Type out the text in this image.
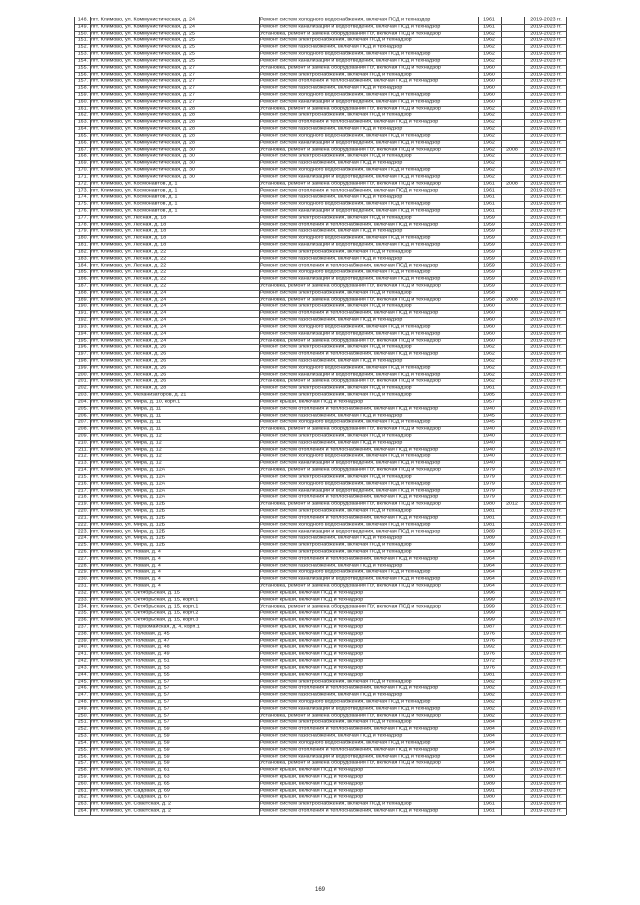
148. пгт. Климово, ул. Коммунистическая, д. 24	Ремонт систем холодного водоснабжения, включая ПСД и техназдор	1961	2019-2023 гг.
149. пгт. Климово, ул. Коммунистическая, д. 24	Ремонт систем канализации и водоотведения, включая ПСД и технадзор	1961	2019-2023 гг.
150. пгт. Климово, ул. Коммунистическая, д. 25	Установка, ремонт и замена оборудования ПУ, включая ПСД и технадзор	1962	2019-2023 гг.
151. пгт. Климово, ул. Коммунистическая, д. 25	Ремонт систем электроснабжения, включая ПСД и технадзор	1962	2019-2023 гг.
152. пгт. Климово, ул. Коммунистическая, д. 25	Ремонт систем газоснабжения, включая ПСД и технадзор	1962	2019-2023 гг.
153. пгт. Климово, ул. Коммунистическая, д. 25	Ремонт систем холодного водоснабжения, включая ПСД и технадзор	1962	2019-2023 гг.
154. пгт. Климово, ул. Коммунистическая, д. 25	Ремонт систем канализации и водоотведения, включая ПСД и технадзор	1962	2019-2023 гг.
155. пгт. Климово, ул. Коммунистическая, д. 27	Установка, ремонт и замена оборудования ПУ, включая ПСД и технадзор	1960	2019-2023 гг.
156. пгт. Климово, ул. Коммунистическая, д. 27	Ремонт систем электроснабжения, включая ПСД и технадзор	1960	2019-2023 гг.
157. пгт. Климово, ул. Коммунистическая, д. 27	Ремонт систем отопления и теплоснабжения, включая ПСД и технадзор	1960	2019-2023 гг.
158. пгт. Климово, ул. Коммунистическая, д. 27	Ремонт систем газоснабжения, включая ПСД и технадзор	1960	2019-2023 гг.
159. пгт. Климово, ул. Коммунистическая, д. 27	Ремонт систем холодного водоснабжения, включая ПСД и технадзор	1960	2019-2023 гг.
160. пгт. Климово, ул. Коммунистическая, д. 27	Ремонт систем канализации и водоотведения, включая ПСД и технадзор	1960	2019-2023 гг.
161. пгт. Климово, ул. Коммунистическая, д. 28	Установка, ремонт и замена оборудования ПУ, включая ПСД и технадзор	1962	2019-2023 гг.
162. пгт. Климово, ул. Коммунистическая, д. 28	Ремонт систем электроснабжения, включая ПСД и технадзор	1962	2019-2023 гг.
163. пгт. Климово, ул. Коммунистическая, д. 28	Ремонт систем отопления и теплоснабжения, включая ПСД и технадзор	1962	2019-2023 гг.
164. пгт. Климово, ул. Коммунистическая, д. 28	Ремонт систем газоснабжения, включая ПСД и технадзор	1962	2019-2023 гг.
165. пгт. Климово, ул. Коммунистическая, д. 28	Ремонт систем холодного водоснабжения, включая ПСД и технадзор	1962	2019-2023 гг.
166. пгт. Климово, ул. Коммунистическая, д. 28	Ремонт систем канализации и водоотведения, включая ПСД и технадзор	1962	2019-2023 гг.
167. пгт. Климово, ул. Коммунистическая, д. 30	Установка, ремонт и замена оборудования ПУ, включая ПСД и технадзор	1962	2008	2019-2023 гг.
168. пгт. Климово, ул. Коммунистическая, д. 30	Ремонт систем электроснабжения, включая ПСД и технадзор	1962	2019-2023 гг.
169. пгт. Климово, ул. Коммунистическая, д. 30	Ремонт систем газоснабжения, включая ПСД и технадзор	1962	2019-2023 гг.
170. пгт. Климово, ул. Коммунистическая, д. 30	Ремонт систем холодного водоснабжения, включая ПСД и технадзор	1962	2019-2023 гг.
171. пгт. Климово, ул. Коммунистическая, д. 30	Ремонт систем канализации и водоотведения, включая ПСД и технадзор	1962	2019-2023 гг.
172. пгт. Климово, ул. Космонавтов, д. 1	Установка, ремонт и замена оборудования ПУ, включая ПСД и технадзор	1961	2008	2019-2023 гг.
173. пгт. Климово, ул. Космонавтов, д. 1	Ремонт систем отопления и теплоснабжения, включая ПСД и технадзор	1961	2019-2023 гг.
174. пгт. Климово, ул. Космонавтов, д. 1	Ремонт систем газоснабжения, включая ПСД и технадзор	1961	2019-2023 гг.
175. пгт. Климово, ул. Космонавтов, д. 1	Ремонт систем холодного водоснабжения, включая ПСД и технадзор	1961	2019-2023 гг.
176. пгт. Климово, ул. Космонавтов, д. 1	Ремонт систем канализации и водоотведения, включая ПСД и технадзор	1961	2019-2023 гг.
177. пгт. Климово, ул. Лесная, д. 18	Ремонт систем электроснабжения, включая ПСД и технадзор	1959	2019-2023 гг.
178. пгт. Климово, ул. Лесная, д. 18	Ремонт систем отопления и теплоснабжения, включая ПСД и технадзор	1959	2019-2023 гг.
179. пгт. Климово, ул. Лесная, д. 18	Ремонт систем газоснабжения, включая ПСД и технадзор	1959	2019-2023 гг.
180. пгт. Климово, ул. Лесная, д. 18	Ремонт систем холодного водоснабжения, включая ПСД и технадзор	1959	2019-2023 гг.
181. пгт. Климово, ул. Лесная, д. 18	Ремонт систем канализации и водоотведения, включая ПСД и технадзор	1959	2019-2023 гг.
182. пгт. Климово, ул. Лесная, д. 22	Ремонт систем электроснабжения, включая ПСД и технадзор	1959	2019-2023 гг.
183. пгт. Климово, ул. Лесная, д. 22	Ремонт систем газоснабжения, включая ПСД и технадзор	1959	2019-2023 гг.
184. пгт. Климово, ул. Лесная, д. 22	Ремонт систем отопления и теплоснабжения, включая ПСД и технадзор	1959	2019-2023 гг.
185. пгт. Климово, ул. Лесная, д. 22	Ремонт систем холодного водоснабжения, включая ПСД и технадзор	1959	2019-2023 гг.
186. пгт. Климово, ул. Лесная, д. 22	Ремонт систем канализации и водоотведения, включая ПСД и технадзор	1959	2019-2023 гг.
187. пгт. Климово, ул. Лесная, д. 22	Установка, ремонт и замена оборудования ПУ, включая ПСД и технадзор	1959	2019-2023 гг.
188. пгт. Климово, ул. Лесная, д. 24	Ремонт систем электроснабжения, включая ПСД и технадзор	1958	2019-2023 гг.
189. пгт. Климово, ул. Лесная, д. 24	Установка, ремонт и замена оборудования ПУ, включая ПСД и технадзор	1958	2008	2019-2023 гг.
190. пгт. Климово, ул. Лесная, д. 24	Ремонт систем электроснабжения, включая ПСД и технадзор	1960	2019-2023 гг.
191. пгт. Климово, ул. Лесная, д. 24	Ремонт систем отопления и теплоснабжения, включая ПСД и технадзор	1960	2019-2023 гг.
192. пгт. Климово, ул. Лесная, д. 24	Ремонт систем газоснабжения, включая ПСД и технадзор	1960	2019-2023 гг.
193. пгт. Климово, ул. Лесная, д. 24	Ремонт систем холодного водоснабжения, включая ПСД и технадзор	1960	2019-2023 гг.
194. пгт. Климово, ул. Лесная, д. 24	Ремонт систем канализации и водоотведения, включая ПСД и технадзор	1960	2019-2023 гг.
195. пгт. Климово, ул. Лесная, д. 24	Установка, ремонт и замена оборудования ПУ, включая ПСД и технадзор	1960	2019-2023 гг.
196. пгт. Климово, ул. Лесная, д. 26	Ремонт систем электроснабжения, включая ПСД и технадзор	1962	2019-2023 гг.
197. пгт. Климово, ул. Лесная, д. 26	Ремонт систем отопления и теплоснабжения, включая ПСД и технадзор	1962	2019-2023 гг.
198. пгт. Климово, ул. Лесная, д. 26	Ремонт систем газоснабжения, включая ПСД и технадзор	1962	2019-2023 гг.
199. пгт. Климово, ул. Лесная, д. 26	Ремонт систем холодного водоснабжения, включая ПСД и технадзор	1962	2019-2023 гг.
200. пгт. Климово, ул. Лесная, д. 26	Ремонт систем канализации и водоотведения, включая ПСД и технадзор	1962	2019-2023 гг.
201. пгт. Климово, ул. Лесная, д. 26	Установка, ремонт и замена оборудования ПУ, включая ПСД и технадзор	1962	2019-2023 гг.
202. пгт. Климово, ул. Лесная, д. 28	Ремонт систем электроснабжения, включая ПСД и технадзор	1961	2019-2023 гг.
203. пгт. Климово, ул. Механизаторов, д. 21	Ремонт систем электроснабжения, включая ПСД и технадзор	1985	2019-2023 гг.
204. пгт. Климово, ул. Мира, д. 10, корп.1	Ремонт крыши, включая ПСД и технадзор	1957	2019-2023 гг.
205. пгт. Климово, ул. Мира, д. 11	Ремонт систем отопления и теплоснабжения, включая ПСД и технадзор	1940	2019-2023 гг.
206. пгт. Климово, ул. Мира, д. 11	Ремонт систем газоснабжения, включая ПСД и технадзор	1945	2019-2023 гг.
207. пгт. Климово, ул. Мира, д. 11	Ремонт систем холодного водоснабжения, включая ПСД и технадзор	1945	2019-2023 гг.
208. пгт. Климово, ул. Мира, д. 11	Установка, ремонт и замена оборудования ПУ, включая ПСД и технадзор	1940	2019-2023 гг.
209. пгт. Климово, ул. Мира, д. 12	Ремонт систем электроснабжения, включая ПСД и технадзор	1940	2019-2023 гг.
210. пгт. Климово, ул. Мира, д. 12	Ремонт систем газоснабжения, включая ПСД и технадзор	1940	2019-2023 гг.
211. пгт. Климово, ул. Мира, д. 12	Ремонт систем отопления и теплоснабжения, включая ПСД и технадзор	1940	2019-2023 гг.
212. пгт. Климово, ул. Мира, д. 12	Ремонт систем холодного водоснабжения, включая ПСД и технадзор	1940	2019-2023 гг.
213. пгт. Климово, ул. Мира, д. 12	Ремонт систем канализации и водоотведения, включая ПСД и технадзор	1940	2019-2023 гг.
214. пгт. Климово, ул. Мира, д. 12А	Установка, ремонт и замена оборудования ПУ, включая ПСД и технадзор	1979	2019-2023 гг.
215. пгт. Климово, ул. Мира, д. 12А	Ремонт систем электроснабжения, включая ПСД и технадзор	1979	2019-2023 гг.
216. пгт. Климово, ул. Мира, д. 12А	Ремонт систем холодного водоснабжения, включая ПСД и технадзор	1979	2019-2023 гг.
217. пгт. Климово, ул. Мира, д. 12А	Ремонт систем канализации и водоотведения, включая ПСД и технадзор	1979	2019-2023 гг.
218. пгт. Климово, ул. Мира, д. 12А	Ремонт систем отопления и теплоснабжения, включая ПСД и технадзор	1979	2019-2023 гг.
219. пгт. Климово, ул. Мира, д. 12Б	Установка, ремонт и замена оборудования ПУ, включая ПСД и технадзор	1980	2012	2019-2023 гг.
220. пгт. Климово, ул. Мира, д. 12Б	Ремонт систем электроснабжения, включая ПСД и технадзор	1981	2019-2023 гг.
221. пгт. Климово, ул. Мира, д. 12Б	Ремонт систем отопления и теплоснабжения, включая ПСД и технадзор	1981	2019-2023 гг.
222. пгт. Климово, ул. Мира, д. 12Б	Ремонт систем холодного водоснабжения, включая ПСД и технадзор	1981	2019-2023 гг.
223. пгт. Климово, ул. Мира, д. 12Б	Ремонт систем канализации и водоотведения, включая ПСД и технадзор	1989	2019-2023 гг.
224. пгт. Климово, ул. Мира, д. 12Б	Ремонт систем газоснабжения, включая ПСД и технадзор	1989	2019-2023 гг.
225. пгт. Климово, ул. Мира, д. 12Б	Ремонт систем электроснабжения, включая ПСД и технадзор	1989	2019-2023 гг.
226. пгт. Климово, ул. Новая, д. 4	Ремонт систем электроснабжения, включая ПСД и технадзор	1964	2019-2023 гг.
227. пгт. Климово, ул. Новая, д. 4	Ремонт систем отопления и теплоснабжения, включая ПСД и технадзор	1964	2019-2023 гг.
228. пгт. Климово, ул. Новая, д. 4	Ремонт систем газоснабжения, включая ПСД и технадзор	1964	2019-2023 гг.
229. пгт. Климово, ул. Новая, д. 4	Ремонт систем холодного водоснабжения, включая ПСД и технадзор	1964	2019-2023 гг.
230. пгт. Климово, ул. Новая, д. 4	Ремонт систем канализации и водоотведения, включая ПСД и технадзор	1964	2019-2023 гг.
231. пгт. Климово, ул. Новая, д. 4	Установка, ремонт и замена оборудования ПУ, включая ПСД и технадзор	1964	2019-2023 гг.
232. пгт. Климово, ул. Октябрьская, д. 15	Ремонт крыши, включая ПСД и технадзор	1996	2019-2023 гг.
233. пгт. Климово, ул. Октябрьская, д. 15, корп.1	Ремонт крыши, включая ПСД и технадзор	1999	2019-2023 гг.
234. пгт. Климово, ул. Октябрьская, д. 15, корп.1	Установка, ремонт и замена оборудования ПУ, включая ПСД и технадзор	1999	2019-2023 гг.
235. пгт. Климово, ул. Октябрьская, д. 15, корп.2	Ремонт крыши, включая ПСД и технадзор	1999	2019-2023 гг.
236. пгт. Климово, ул. Октябрьская, д. 15, корп.3	Ремонт крыши, включая ПСД и технадзор	1999	2019-2023 гг.
237. пгт. Климово, ул. Первомайская, д. 4, корп.1	Ремонт крыши, включая ПСД и технадзор	1987	2019-2023 гг.
238. пгт. Климово, ул. Полевая, д. 45	Ремонт крыши, включая ПСД и технадзор	1976	2019-2023 гг.
239. пгт. Климово, ул. Полевая, д. 47	Ремонт крыши, включая ПСД и технадзор	1976	2019-2023 гг.
240. пгт. Климово, ул. Полевая, д. 48	Ремонт крыши, включая ПСД и технадзор	1992	2019-2023 гг.
241. пгт. Климово, ул. Полевая, д. 49	Ремонт крыши, включая ПСД и технадзор	1976	2019-2023 гг.
242. пгт. Климово, ул. Полевая, д. 51	Ремонт крыши, включая ПСД и технадзор	1972	2019-2023 гг.
243. пгт. Климово, ул. Полевая, д. 53	Ремонт крыши, включая ПСД и технадзор	1976	2019-2023 гг.
244. пгт. Климово, ул. Полевая, д. 55	Ремонт крыши, включая ПСД и технадзор	1981	2019-2023 гг.
245. пгт. Климово, ул. Полевая, д. 57	Ремонт систем электроснабжения, включая ПСД и технадзор	1982	2019-2023 гг.
246. пгт. Климово, ул. Полевая, д. 57	Ремонт систем отопления и теплоснабжения, включая ПСД и технадзор	1982	2019-2023 гг.
247. пгт. Климово, ул. Полевая, д. 57	Ремонт систем газоснабжения, включая ПСД и технадзор	1982	2019-2023 гг.
248. пгт. Климово, ул. Полевая, д. 57	Ремонт систем холодного водоснабжения, включая ПСД и технадзор	1982	2019-2023 гг.
249. пгт. Климово, ул. Полевая, д. 57	Ремонт систем канализации и водоотведения, включая ПСД и технадзор	1982	2019-2023 гг.
250. пгт. Климово, ул. Полевая, д. 57	Установка, ремонт и замена оборудования ПУ, включая ПСД и технадзор	1982	2019-2023 гг.
251. пгт. Климово, ул. Полевая, д. 57	Ремонт систем электроснабжения, включая ПСД и технадзор	1984	2019-2023 гг.
252. пгт. Климово, ул. Полевая, д. 59	Ремонт систем отопления и теплоснабжения, включая ПСД и технадзор	1984	2019-2023 гг.
253. пгт. Климово, ул. Полевая, д. 59	Ремонт систем газоснабжения, включая ПСД и технадзор	1984	2019-2023 гг.
254. пгт. Климово, ул. Полевая, д. 59	Ремонт систем холодного водоснабжения, включая ПСД и технадзор	1984	2019-2023 гг.
255. пгт. Климово, ул. Полевая, д. 59	Ремонт систем отопления и теплоснабжения, включая ПСД и технадзор	1984	2019-2023 гг.
256. пгт. Климово, ул. Полевая, д. 59	Ремонт систем канализации и водоотведения, включая ПСД и технадзор	1984	2019-2023 гг.
257. пгт. Климово, ул. Полевая, д. 59	Установка, ремонт и замена оборудования ПУ, включая ПСД и технадзор	1984	2019-2023 гг.
258. пгт. Климово, ул. Полевая, д. 61	Ремонт крыши, включая ПСД и технадзор	1991	2019-2023 гг.
259. пгт. Климово, ул. Полевая, д. 63	Ремонт крыши, включая ПСД и технадзор	1980	2019-2023 гг.
260. пгт. Климово, ул. Полевая, д. 65	Ремонт крыши, включая ПСД и технадзор	1989	2019-2023 гг.
261. пгт. Климово, ул. Садовая, д. 69	Ремонт крыши, включая ПСД и технадзор	1991	2019-2023 гг.
262. пгт. Климово, ул. Садовая, д. 67	Ремонт крыши, включая ПСД и технадзор	1980	2019-2023 гг.
263. пгт. Климово, ул. Советская, д. 2	Ремонт систем электроснабжения, включая ПСД и технадзор	1961	2019-2023 гг.
264. пгт. Климово, ул. Советская, д. 2	Ремонт систем отопления и теплоснабжения, включая ПСД и технадзор	1961	2019-2023 гг.
169
